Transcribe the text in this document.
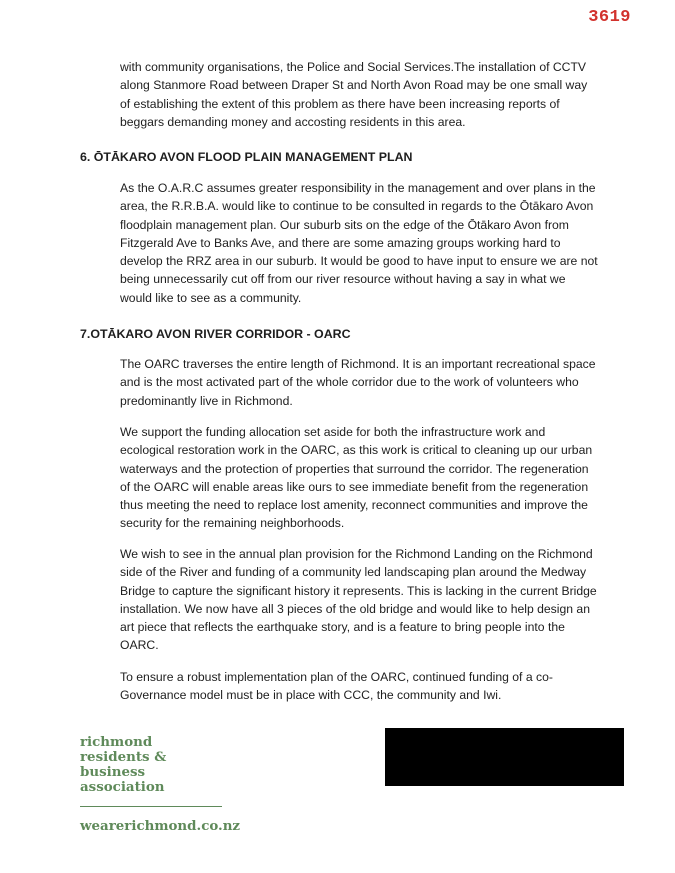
3619

with community organisations, the Police and Social Services.The installation of CCTV along Stanmore Road between Draper St and North Avon Road may be one small way of establishing the extent of this problem as there have been increasing reports of beggars demanding money and accosting residents in this area.

6. ŌTĀKARO AVON FLOOD PLAIN MANAGEMENT PLAN

As the O.A.R.C assumes greater responsibility in the management and over plans in the area, the R.R.B.A. would like to continue to be consulted in regards to the Ōtākaro Avon floodplain management plan. Our suburb sits on the edge of the Ōtākaro Avon from Fitzgerald Ave to Banks Ave, and there are some amazing groups working hard to develop the RRZ area in our suburb. It would be good to have input to ensure we are not being unnecessarily cut off from our river resource without having a say in what we would like to see as a community.

7.OTĀKARO AVON RIVER CORRIDOR - OARC

The OARC traverses the entire length of Richmond. It is an important recreational space and is the most activated part of the whole corridor due to the work of volunteers who predominantly live in Richmond.

We support the funding allocation set aside for both the infrastructure work and ecological restoration work in the OARC, as this work is critical to cleaning up our urban waterways and the protection of properties that surround the corridor. The regeneration of the OARC will enable areas like ours to see immediate benefit from the regeneration thus meeting the need to replace lost amenity, reconnect communities and improve the security for the remaining neighborhoods.

We wish to see in the annual plan provision for the Richmond Landing on the Richmond side of the River and funding of a community led landscaping plan around the Medway Bridge to capture the significant history it represents. This is lacking in the current Bridge installation. We now have all 3 pieces of the old bridge and would like to help design an art piece that reflects the earthquake story, and is a feature to bring people into the OARC.

To ensure a robust implementation plan of the OARC, continued funding of a co-Governance model must be in place with CCC, the community and Iwi.

richmond
residents &
business
association
wearerichmond.co.nz
